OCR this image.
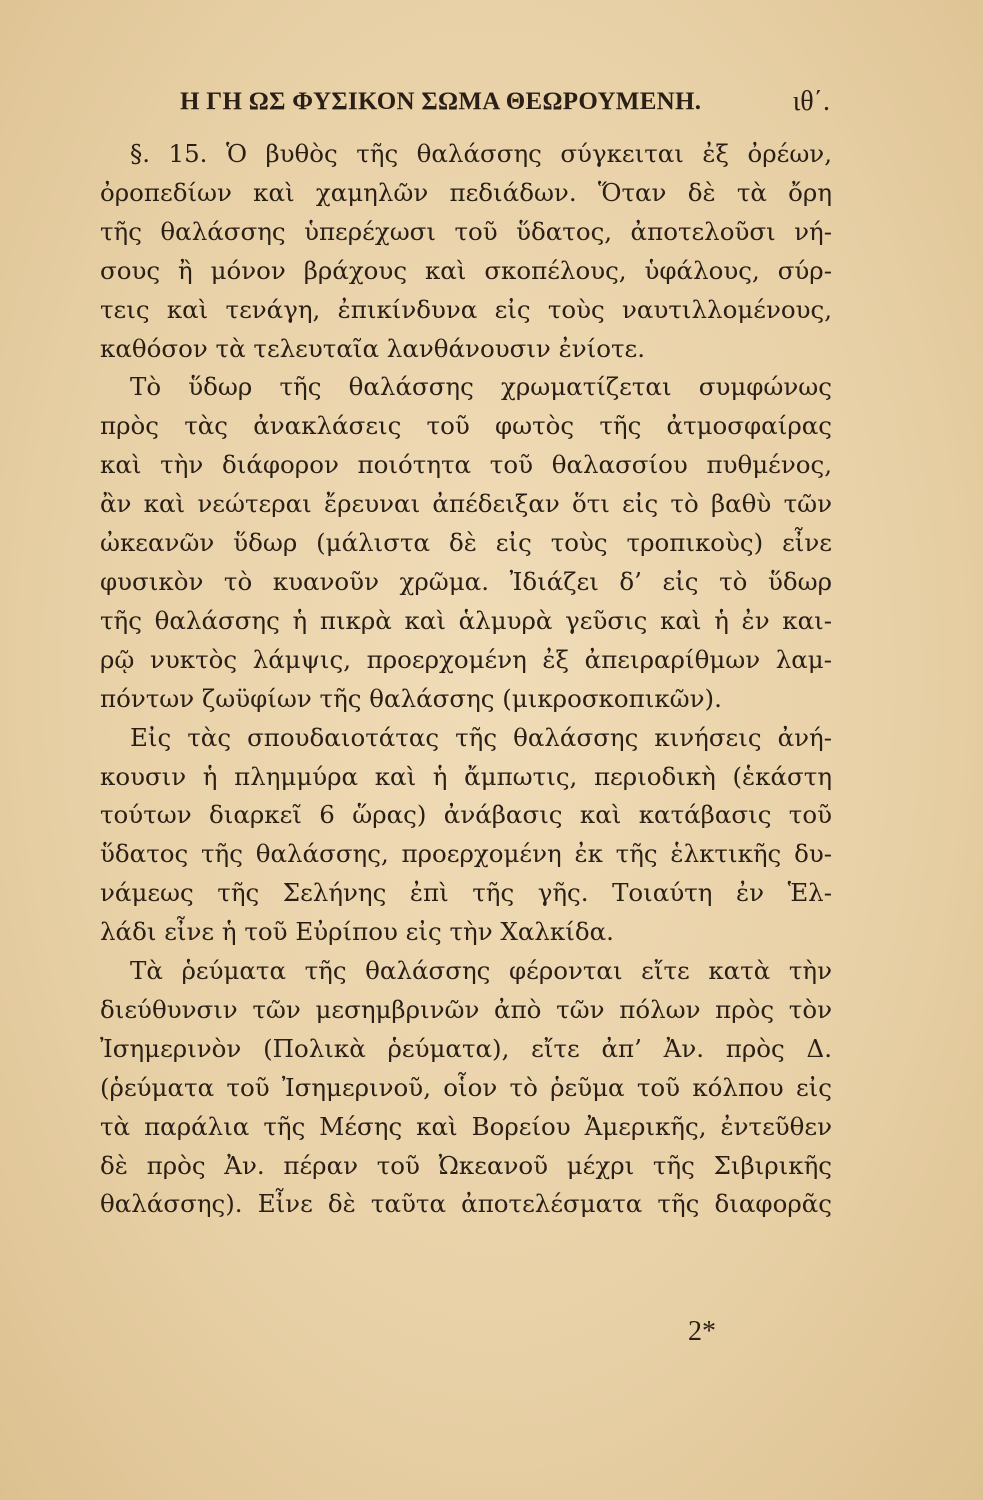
Η ΓΗ ΩΣ ΦΥΣΙΚΟΝ ΣΩΜΑ ΘΕΩΡΟΥΜΕΝΗ.	ιθ΄.
§. 15. Ὁ βυθὸς τῆς θαλάσσης σύγκειται ἐξ ὀρέων,
ὀροπεδίων καὶ χαμηλῶν πεδιάδων. Ὅταν δὲ τὰ ὄρη
τῆς θαλάσσης ὑπερέχωσι τοῦ ὕδατος, ἀποτελοῦσι νή-
σους ἢ μόνον βράχους καὶ σκοπέλους, ὑφάλους, σύρ-
τεις καὶ τενάγη, ἐπικίνδυνα εἰς τοὺς ναυτιλλομένους,
καθόσον τὰ τελευταῖα λανθάνουσιν ἐνίοτε.
Τὸ ὕδωρ τῆς θαλάσσης χρωματίζεται συμφώνως
πρὸς τὰς ἀνακλάσεις τοῦ φωτὸς τῆς ἀτμοσφαίρας
καὶ τὴν διάφορον ποιότητα τοῦ θαλασσίου πυθμένος,
ἂν καὶ νεώτεραι ἔρευναι ἀπέδειξαν ὅτι εἰς τὸ βαθὺ τῶν
ὠκεανῶν ὕδωρ (μάλιστα δὲ εἰς τοὺς τροπικοὺς) εἶνε
φυσικὸν τὸ κυανοῦν χρῶμα. Ἰδιάζει δ’ εἰς τὸ ὕδωρ
τῆς θαλάσσης ἡ πικρὰ καὶ ἁλμυρὰ γεῦσις καὶ ἡ ἐν και-
ρῷ νυκτὸς λάμψις, προερχομένη ἐξ ἀπειραρίθμων λαμ-
πόντων ζωϋφίων τῆς θαλάσσης (μικροσκοπικῶν).
Εἰς τὰς σπουδαιοτάτας τῆς θαλάσσης κινήσεις ἀνή-
κουσιν ἡ πλημμύρα καὶ ἡ ἄμπωτις, περιοδικὴ (ἑκάστη
τούτων διαρκεῖ 6 ὥρας) ἀνάβασις καὶ κατάβασις τοῦ
ὕδατος τῆς θαλάσσης, προερχομένη ἐκ τῆς ἑλκτικῆς δυ-
νάμεως τῆς Σελήνης ἐπὶ τῆς γῆς. Τοιαύτη ἐν Ἑλ-
λάδι εἶνε ἡ τοῦ Εὐρίπου εἰς τὴν Χαλκίδα.
Τὰ ῥεύματα τῆς θαλάσσης φέρονται εἴτε κατὰ τὴν
διεύθυνσιν τῶν μεσημβρινῶν ἀπὸ τῶν πόλων πρὸς τὸν
Ἰσημερινὸν (Πολικὰ ῥεύματα), εἴτε ἀπ’ Ἀν. πρὸς Δ.
(ῥεύματα τοῦ Ἰσημερινοῦ, οἷον τὸ ῥεῦμα τοῦ κόλπου εἰς
τὰ παράλια τῆς Μέσης καὶ Βορείου Ἀμερικῆς, ἐντεῦθεν
δὲ πρὸς Ἀν. πέραν τοῦ Ὠκεανοῦ μέχρι τῆς Σιβιρικῆς
θαλάσσης). Εἶνε δὲ ταῦτα ἀποτελέσματα τῆς διαφορᾶς
2*
